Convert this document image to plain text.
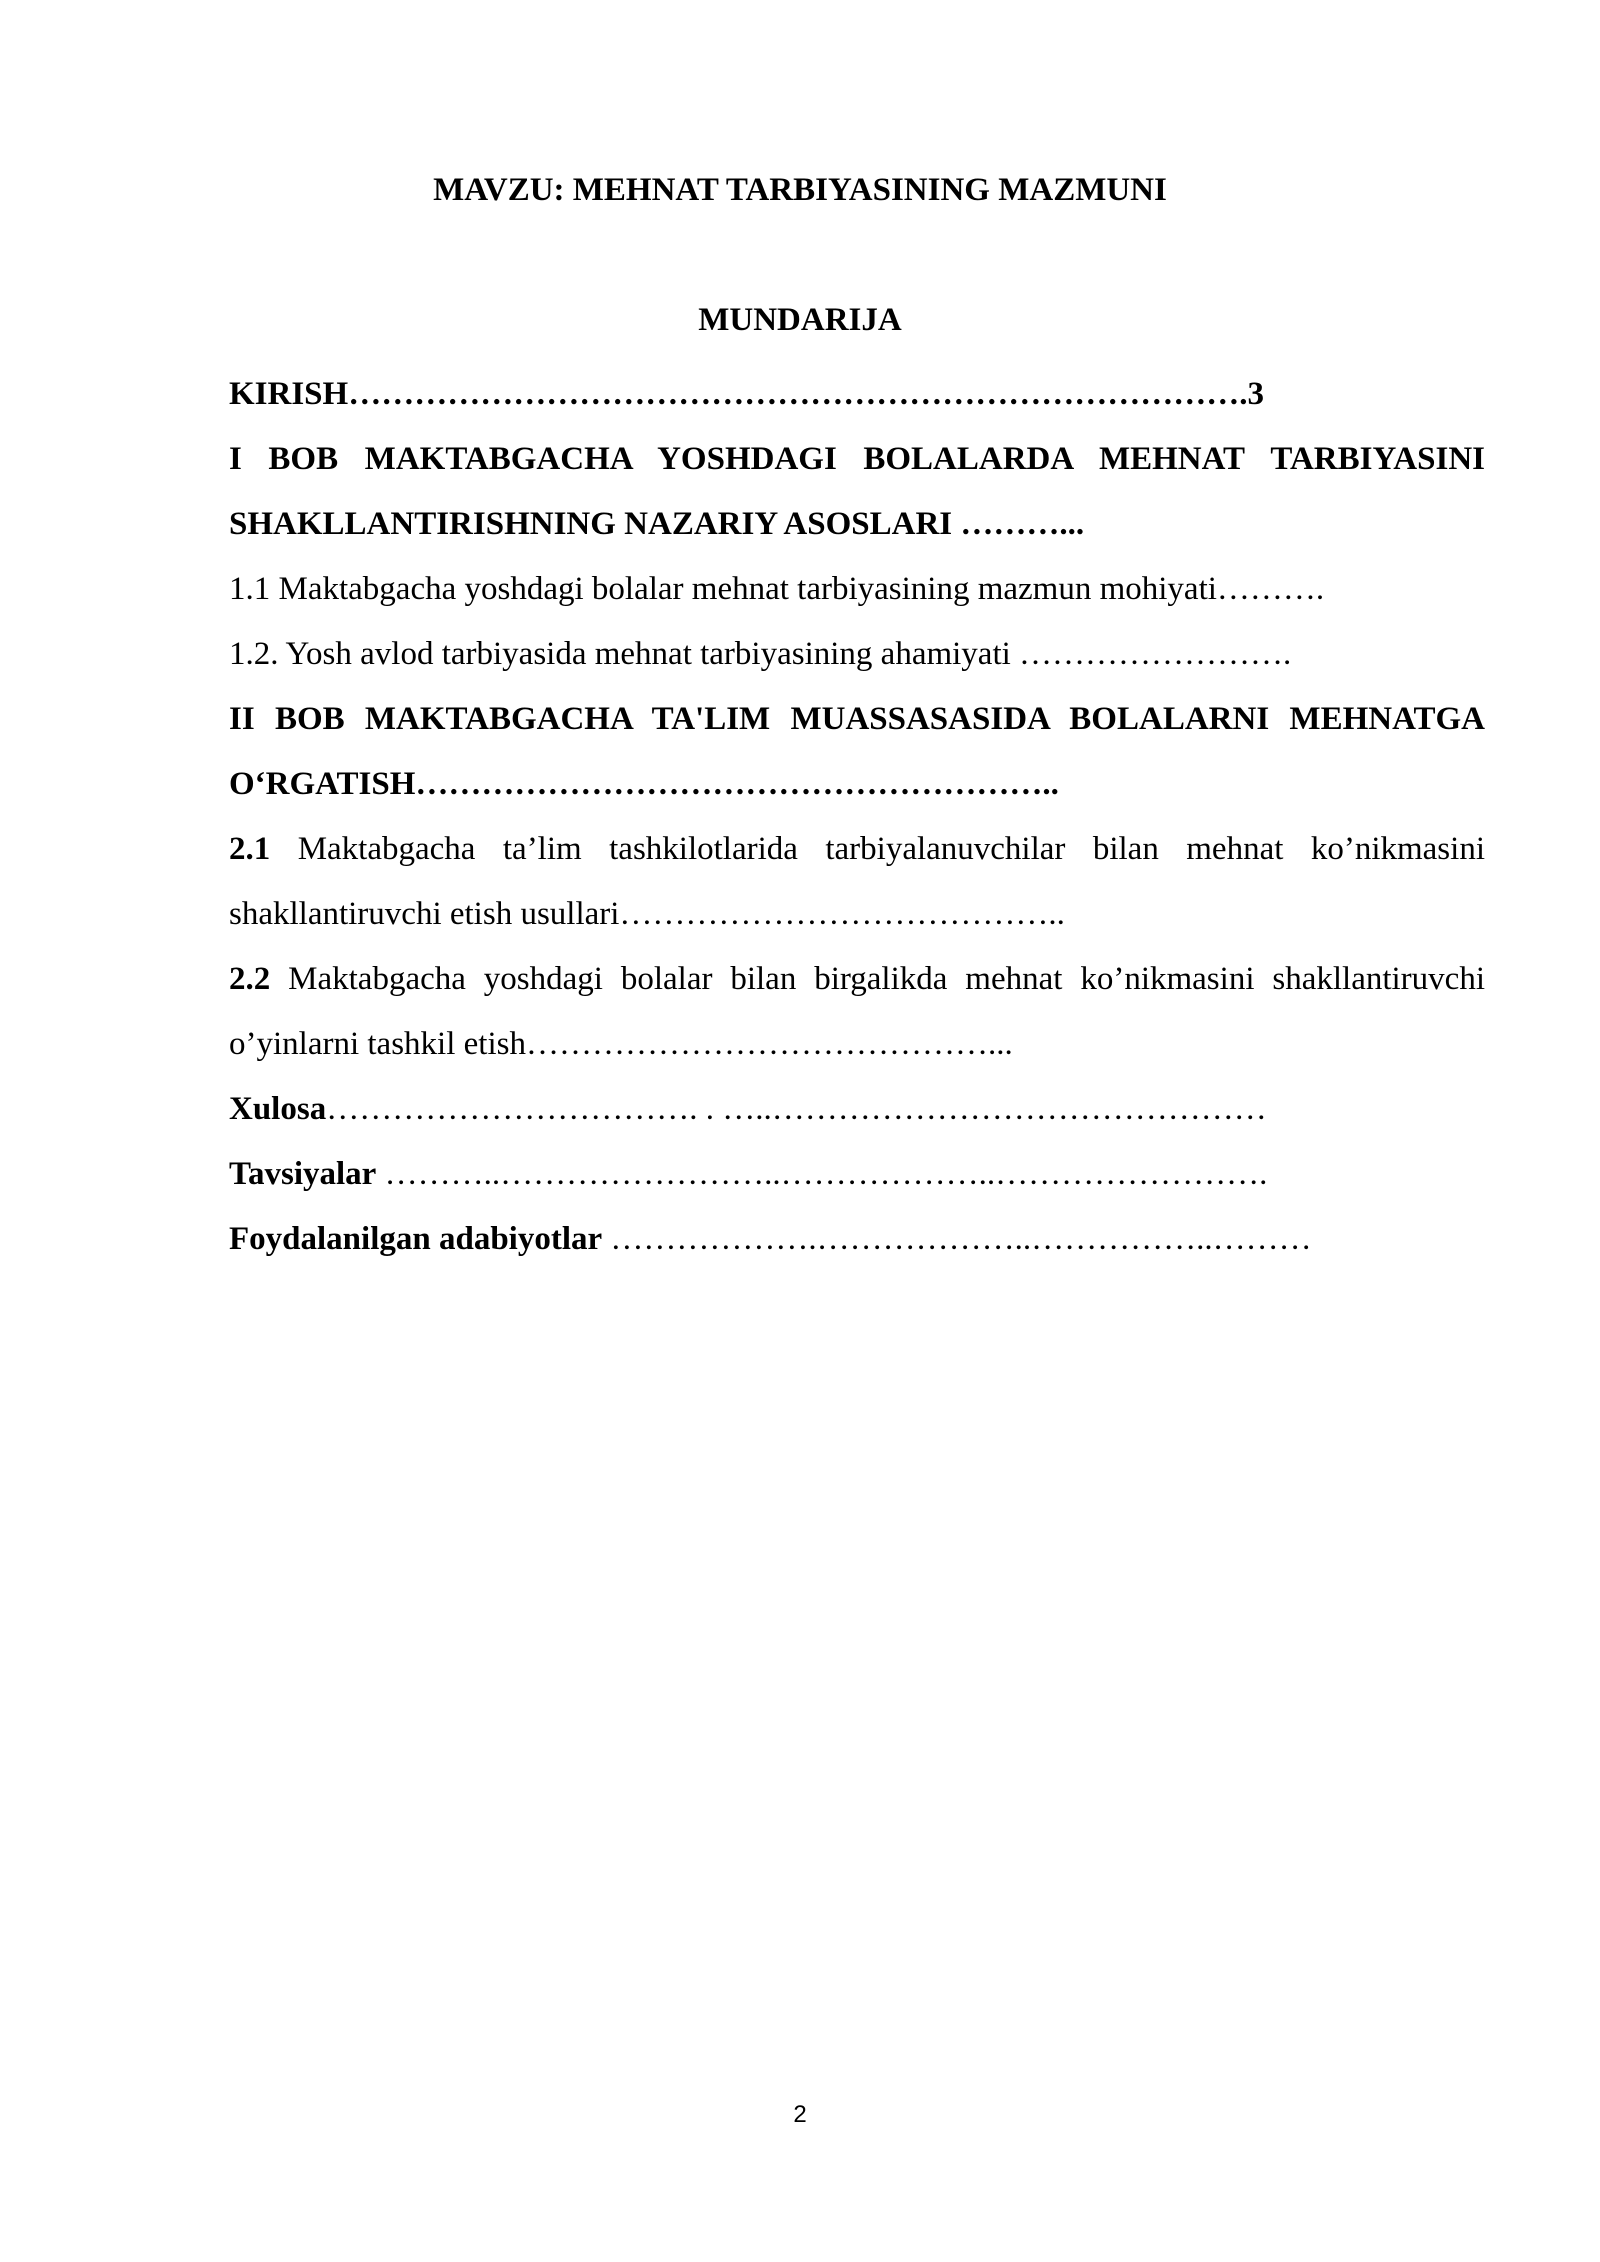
MAVZU: MEHNAT TARBIYASINING MAZMUNI
MUNDARIJA

KIRISH……………………………………………………………………….3

I BOB MAKTABGACHA YOSHDAGI BOLALARDA MEHNAT TARBIYASINI SHAKLLANTIRISHNING NAZARIY ASOSLARI ………...

1.1 Maktabgacha yoshdagi bolalar mehnat tarbiyasining mazmun mohiyati……….

1.2. Yosh avlod tarbiyasida mehnat tarbiyasining ahamiyati …………………….

II BOB MAKTABGACHA TA'LIM MUASSASASIDA BOLALARNI MEHNATGA O‘RGATISH…………………………………………………..

2.1 Maktabgacha ta’lim tashkilotlarida tarbiyalanuvchilar bilan mehnat ko’nikmasini shakllantiruvchi etish usullari…………………………………..

2.2 Maktabgacha yoshdagi bolalar bilan birgalikda mehnat ko’nikmasini shakllantiruvchi o’yinlarni tashkil etish……………………………………...

Xulosa……………………………. . …..………………………………………

Tavsiyalar ………..……………………..………………..…………………….

Foydalanilgan adabiyotlar ……………….………………..……………..………

2
